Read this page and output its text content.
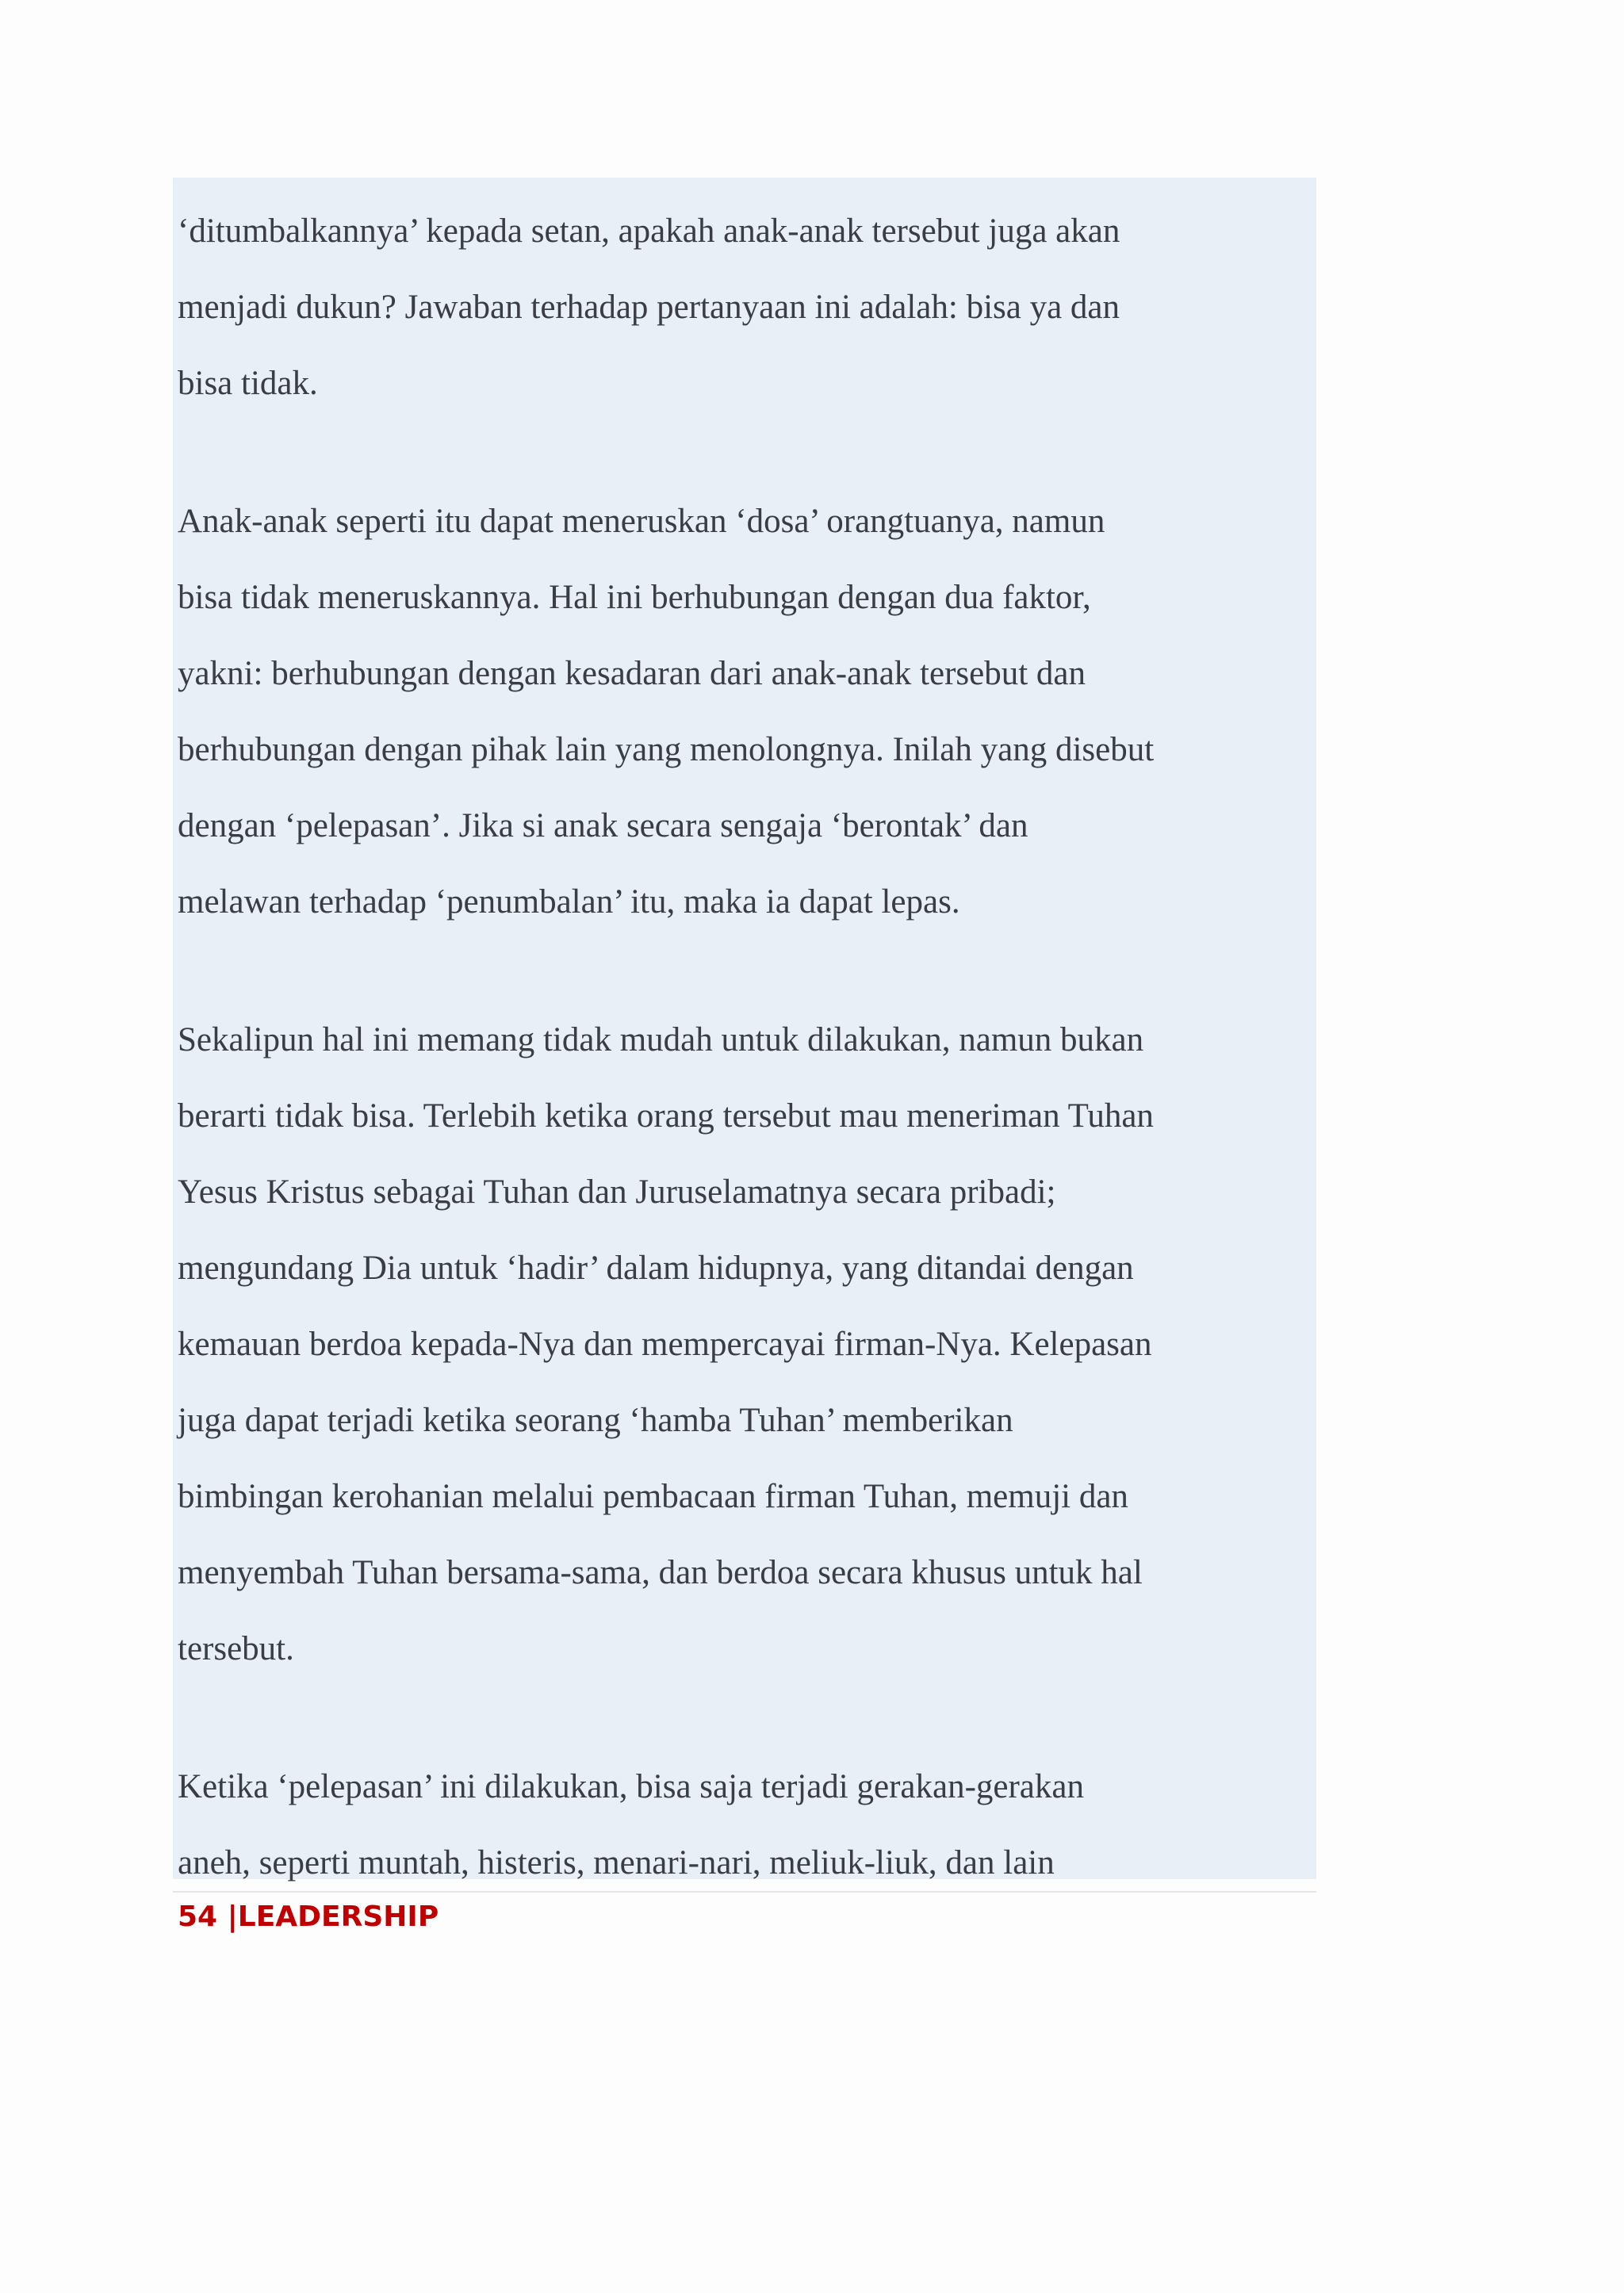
‘ditumbalkannya’ kepada setan, apakah anak-anak tersebut juga akan

menjadi dukun? Jawaban terhadap pertanyaan ini adalah: bisa ya dan

bisa tidak.

Anak-anak seperti itu dapat meneruskan ‘dosa’ orangtuanya, namun

bisa tidak meneruskannya. Hal ini berhubungan dengan dua faktor,

yakni: berhubungan dengan kesadaran dari anak-anak tersebut dan

berhubungan dengan pihak lain yang menolongnya. Inilah yang disebut

dengan ‘pelepasan’. Jika si anak secara sengaja ‘berontak’ dan

melawan terhadap ‘penumbalan’ itu, maka ia dapat lepas.

Sekalipun hal ini memang tidak mudah untuk dilakukan, namun bukan

berarti tidak bisa. Terlebih ketika orang tersebut mau meneriman Tuhan

Yesus Kristus sebagai Tuhan dan Juruselamatnya secara pribadi;

mengundang Dia untuk ‘hadir’ dalam hidupnya, yang ditandai dengan

kemauan berdoa kepada-Nya dan mempercayai firman-Nya. Kelepasan

juga dapat terjadi ketika seorang ‘hamba Tuhan’ memberikan

bimbingan kerohanian melalui pembacaan firman Tuhan, memuji dan

menyembah Tuhan bersama-sama, dan berdoa secara khusus untuk hal

tersebut.

Ketika ‘pelepasan’ ini dilakukan, bisa saja terjadi gerakan-gerakan

aneh, seperti muntah, histeris, menari-nari, meliuk-liuk, dan lain

54 |LEADERSHIP
